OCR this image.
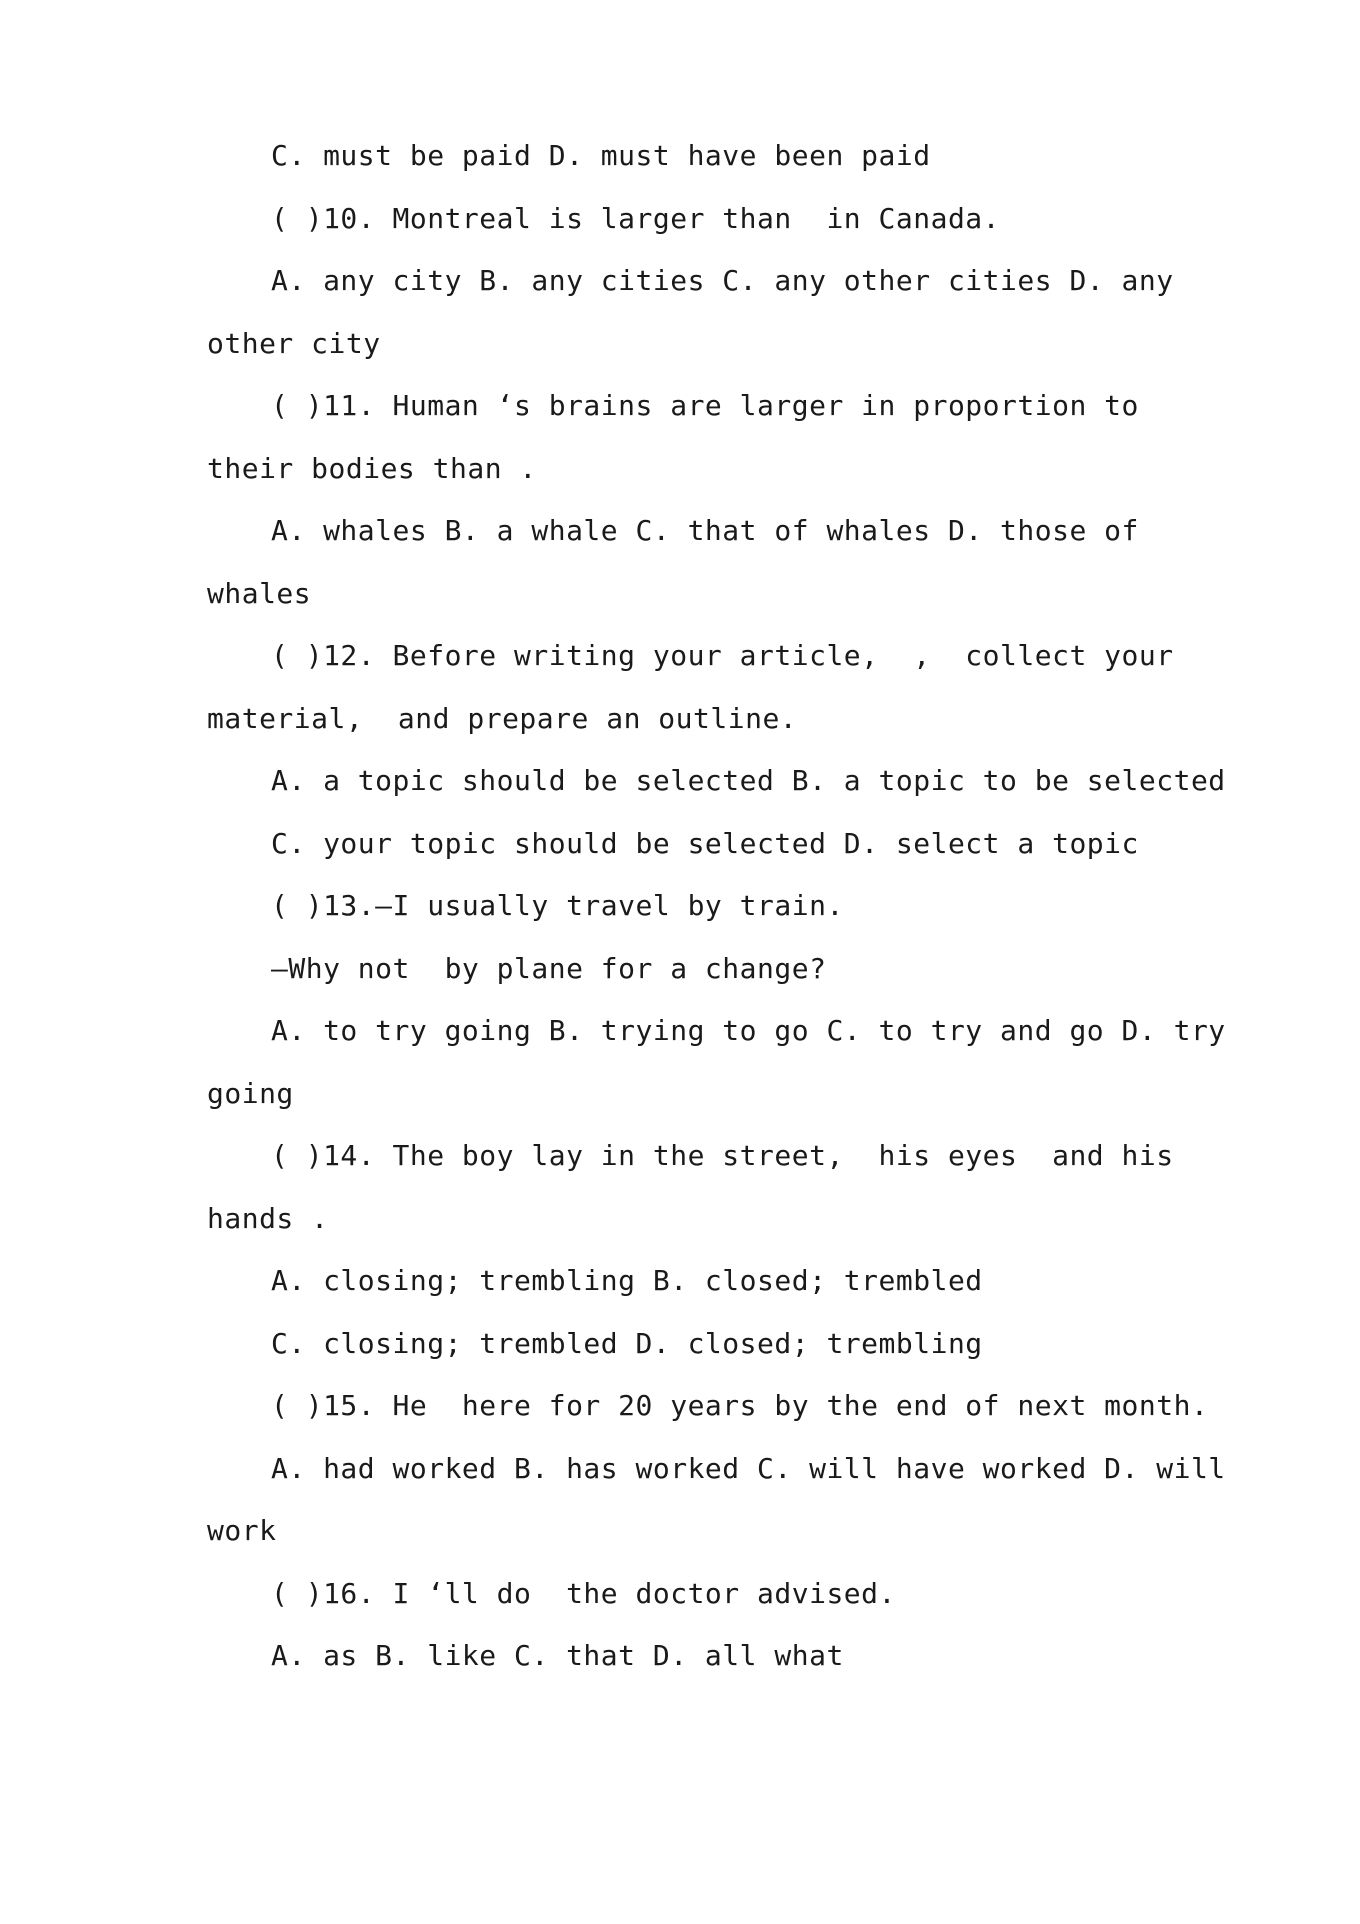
C. must be paid D. must have been paid
( )10. Montreal is larger than  in Canada.
A. any city B. any cities C. any other cities D. any
other city
( )11. Human ‘s brains are larger in proportion to
their bodies than .
A. whales B. a whale C. that of whales D. those of
whales
( )12. Before writing your article,  ,  collect your
material,  and prepare an outline.
A. a topic should be selected B. a topic to be selected
C. your topic should be selected D. select a topic
( )13.—I usually travel by train.
—Why not  by plane for a change?
A. to try going B. trying to go C. to try and go D. try
going
( )14. The boy lay in the street,  his eyes  and his
hands .
A. closing; trembling B. closed; trembled
C. closing; trembled D. closed; trembling
( )15. He  here for 20 years by the end of next month.
A. had worked B. has worked C. will have worked D. will
work
( )16. I ‘ll do  the doctor advised.
A. as B. like C. that D. all what
